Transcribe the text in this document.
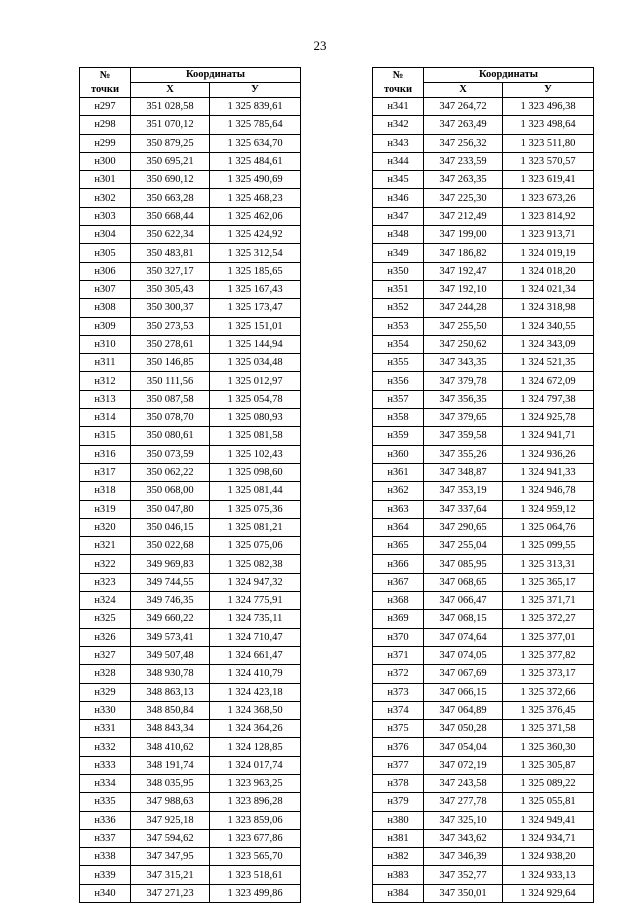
23
№
точки	Координаты	
	X	У
н297	351 028,58	1 325 839,61
н298	351 070,12	1 325 785,64
н299	350 879,25	1 325 634,70
н300	350 695,21	1 325 484,61
н301	350 690,12	1 325 490,69
н302	350 663,28	1 325 468,23
н303	350 668,44	1 325 462,06
н304	350 622,34	1 325 424,92
н305	350 483,81	1 325 312,54
н306	350 327,17	1 325 185,65
н307	350 305,43	1 325 167,43
н308	350 300,37	1 325 173,47
н309	350 273,53	1 325 151,01
н310	350 278,61	1 325 144,94
н311	350 146,85	1 325 034,48
н312	350 111,56	1 325 012,97
н313	350 087,58	1 325 054,78
н314	350 078,70	1 325 080,93
н315	350 080,61	1 325 081,58
н316	350 073,59	1 325 102,43
н317	350 062,22	1 325 098,60
н318	350 068,00	1 325 081,44
н319	350 047,80	1 325 075,36
н320	350 046,15	1 325 081,21
н321	350 022,68	1 325 075,06
н322	349 969,83	1 325 082,38
н323	349 744,55	1 324 947,32
н324	349 746,35	1 324 775,91
н325	349 660,22	1 324 735,11
н326	349 573,41	1 324 710,47
н327	349 507,48	1 324 661,47
н328	348 930,78	1 324 410,79
н329	348 863,13	1 324 423,18
н330	348 850,84	1 324 368,50
н331	348 843,34	1 324 364,26
н332	348 410,62	1 324 128,85
н333	348 191,74	1 324 017,74
н334	348 035,95	1 323 963,25
н335	347 988,63	1 323 896,28
н336	347 925,18	1 323 859,06
н337	347 594,62	1 323 677,86
н338	347 347,95	1 323 565,70
н339	347 315,21	1 323 518,61
н340	347 271,23	1 323 499,86
№
точки	Координаты	
	X	У
н341	347 264,72	1 323 496,38
н342	347 263,49	1 323 498,64
н343	347 256,32	1 323 511,80
н344	347 233,59	1 323 570,57
н345	347 263,35	1 323 619,41
н346	347 225,30	1 323 673,26
н347	347 212,49	1 323 814,92
н348	347 199,00	1 323 913,71
н349	347 186,82	1 324 019,19
н350	347 192,47	1 324 018,20
н351	347 192,10	1 324 021,34
н352	347 244,28	1 324 318,98
н353	347 255,50	1 324 340,55
н354	347 250,62	1 324 343,09
н355	347 343,35	1 324 521,35
н356	347 379,78	1 324 672,09
н357	347 356,35	1 324 797,38
н358	347 379,65	1 324 925,78
н359	347 359,58	1 324 941,71
н360	347 355,26	1 324 936,26
н361	347 348,87	1 324 941,33
н362	347 353,19	1 324 946,78
н363	347 337,64	1 324 959,12
н364	347 290,65	1 325 064,76
н365	347 255,04	1 325 099,55
н366	347 085,95	1 325 313,31
н367	347 068,65	1 325 365,17
н368	347 066,47	1 325 371,71
н369	347 068,15	1 325 372,27
н370	347 074,64	1 325 377,01
н371	347 074,05	1 325 377,82
н372	347 067,69	1 325 373,17
н373	347 066,15	1 325 372,66
н374	347 064,89	1 325 376,45
н375	347 050,28	1 325 371,58
н376	347 054,04	1 325 360,30
н377	347 072,19	1 325 305,87
н378	347 243,58	1 325 089,22
н379	347 277,78	1 325 055,81
н380	347 325,10	1 324 949,41
н381	347 343,62	1 324 934,71
н382	347 346,39	1 324 938,20
н383	347 352,77	1 324 933,13
н384	347 350,01	1 324 929,64
